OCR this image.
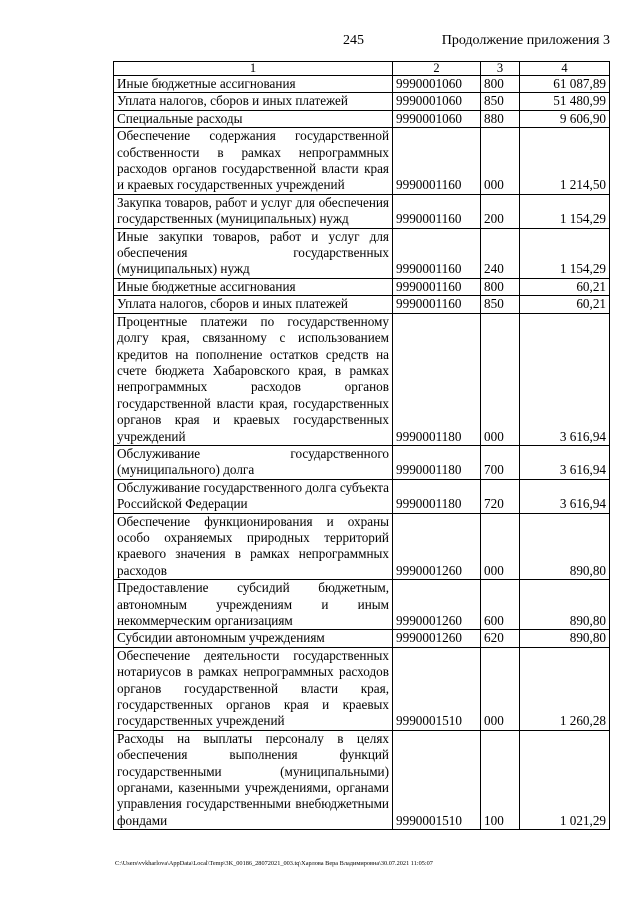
245	Продолжение приложения 3
1	2	3	4
Иные бюджетные ассигнования	9990001060	800	61 087,89
Уплата налогов, сборов и иных платежей	9990001060	850	51 480,99
Специальные расходы	9990001060	880	9 606,90
Обеспечение содержания государственной собственности в рамках непрограммных расходов органов государственной власти края и краевых государственных учреждений	9990001160	000	1 214,50
Закупка товаров, работ и услуг для обеспечения государственных (муниципальных) нужд	9990001160	200	1 154,29
Иные закупки товаров, работ и услуг для обеспечения государственных (муниципальных) нужд	9990001160	240	1 154,29
Иные бюджетные ассигнования	9990001160	800	60,21
Уплата налогов, сборов и иных платежей	9990001160	850	60,21
Процентные платежи по государственному долгу края, связанному с использованием кредитов на пополнение остатков средств на счете бюджета Хабаровского края, в рамках непрограммных расходов органов государственной власти края, государственных органов края и краевых государственных учреждений	9990001180	000	3 616,94
Обслуживание государственного (муниципального) долга	9990001180	700	3 616,94
Обслуживание государственного долга субъекта Российской Федерации	9990001180	720	3 616,94
Обеспечение функционирования и охраны особо охраняемых природных территорий краевого значения в рамках непрограммных расходов	9990001260	000	890,80
Предоставление субсидий бюджетным, автономным учреждениям и иным некоммерческим организациям	9990001260	600	890,80
Субсидии автономным учреждениям	9990001260	620	890,80
Обеспечение деятельности государственных нотариусов в рамках непрограммных расходов органов государственной власти края, государственных органов края и краевых государственных учреждений	9990001510	000	1 260,28
Расходы на выплаты персоналу в целях обеспечения выполнения функций государственными (муниципальными) органами, казенными учреждениями, органами управления государственными внебюджетными фондами	9990001510	100	1 021,29
C:\Users\vvkharlova\AppData\Local\Temp\3K_00186_28072021_003.tq\Харлова Вера Владимировна\30.07.2021 11:05:07
